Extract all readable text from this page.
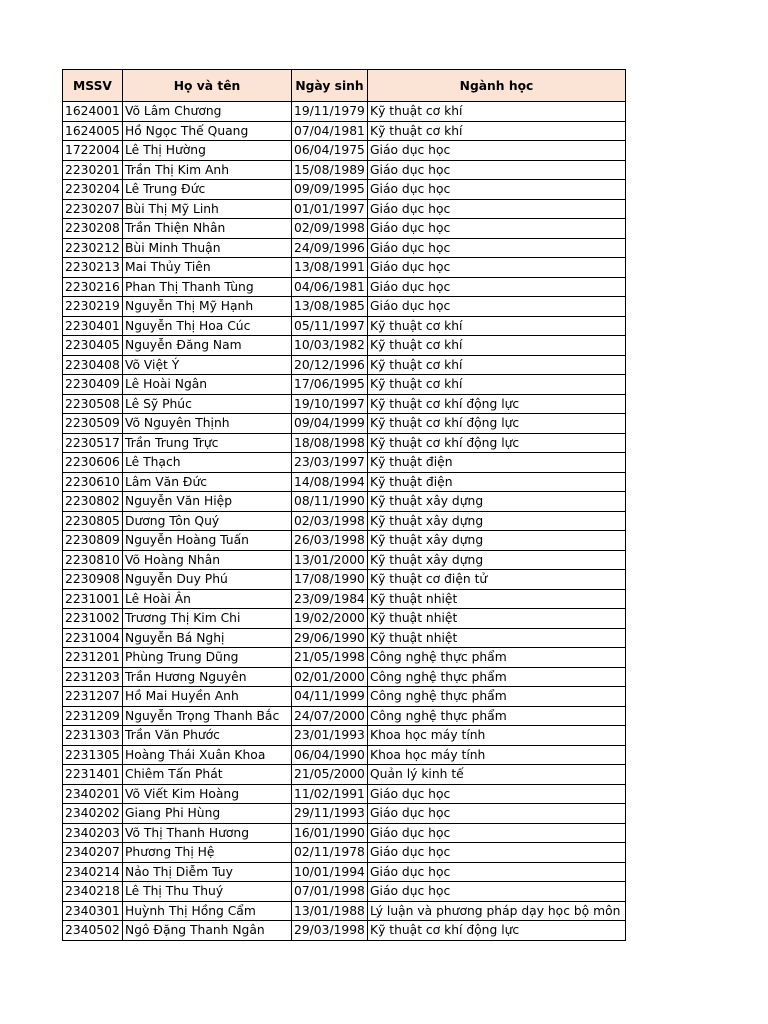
MSSV	Họ và tên	Ngày sinh	Ngành học
1624001	Võ Lâm Chương	19/11/1979	Kỹ thuật cơ khí
1624005	Hồ Ngọc Thế Quang	07/04/1981	Kỹ thuật cơ khí
1722004	Lê Thị Hường	06/04/1975	Giáo dục học
2230201	Trần Thị Kim Anh	15/08/1989	Giáo dục học
2230204	Lê Trung Đức	09/09/1995	Giáo dục học
2230207	Bùi Thị Mỹ Linh	01/01/1997	Giáo dục học
2230208	Trần Thiện Nhân	02/09/1998	Giáo dục học
2230212	Bùi Minh Thuận	24/09/1996	Giáo dục học
2230213	Mai Thủy Tiên	13/08/1991	Giáo dục học
2230216	Phan Thị Thanh Tùng	04/06/1981	Giáo dục học
2230219	Nguyễn Thị Mỹ Hạnh	13/08/1985	Giáo dục học
2230401	Nguyễn Thị Hoa Cúc	05/11/1997	Kỹ thuật cơ khí
2230405	Nguyễn Đăng Nam	10/03/1982	Kỹ thuật cơ khí
2230408	Võ Việt Ý	20/12/1996	Kỹ thuật cơ khí
2230409	Lê Hoài Ngân	17/06/1995	Kỹ thuật cơ khí
2230508	Lê Sỹ Phúc	19/10/1997	Kỹ thuật cơ khí động lực
2230509	Võ Nguyên Thịnh	09/04/1999	Kỹ thuật cơ khí động lực
2230517	Trần Trung Trực	18/08/1998	Kỹ thuật cơ khí động lực
2230606	Lê Thạch	23/03/1997	Kỹ thuật điện
2230610	Lâm Văn Đức	14/08/1994	Kỹ thuật điện
2230802	Nguyễn Văn Hiệp	08/11/1990	Kỹ thuật xây dựng
2230805	Dương Tôn Quý	02/03/1998	Kỹ thuật xây dựng
2230809	Nguyễn Hoàng Tuấn	26/03/1998	Kỹ thuật xây dựng
2230810	Võ Hoàng Nhân	13/01/2000	Kỹ thuật xây dựng
2230908	Nguyễn Duy Phú	17/08/1990	Kỹ thuật cơ điện tử
2231001	Lê Hoài Ân	23/09/1984	Kỹ thuật nhiệt
2231002	Trương Thị Kim Chi	19/02/2000	Kỹ thuật nhiệt
2231004	Nguyễn Bá Nghị	29/06/1990	Kỹ thuật nhiệt
2231201	Phùng Trung Dũng	21/05/1998	Công nghệ thực phẩm
2231203	Trần Hương Nguyên	02/01/2000	Công nghệ thực phẩm
2231207	Hồ Mai Huyền Anh	04/11/1999	Công nghệ thực phẩm
2231209	Nguyễn Trọng Thanh Bắc	24/07/2000	Công nghệ thực phẩm
2231303	Trần Văn Phước	23/01/1993	Khoa học máy tính
2231305	Hoàng Thái Xuân Khoa	06/04/1990	Khoa học máy tính
2231401	Chiêm Tấn Phát	21/05/2000	Quản lý kinh tế
2340201	Võ Viết Kim Hoàng	11/02/1991	Giáo dục học
2340202	Giang Phi Hùng	29/11/1993	Giáo dục học
2340203	Võ Thị Thanh Hương	16/01/1990	Giáo dục học
2340207	Phương Thị Hệ	02/11/1978	Giáo dục học
2340214	Nảo Thị Diễm Tuy	10/01/1994	Giáo dục học
2340218	Lê Thị Thu Thuý	07/01/1998	Giáo dục học
2340301	Huỳnh Thị Hồng Cẩm	13/01/1988	Lý luận và phương pháp dạy học bộ môn
2340502	Ngô Đặng Thanh Ngân	29/03/1998	Kỹ thuật cơ khí động lực
